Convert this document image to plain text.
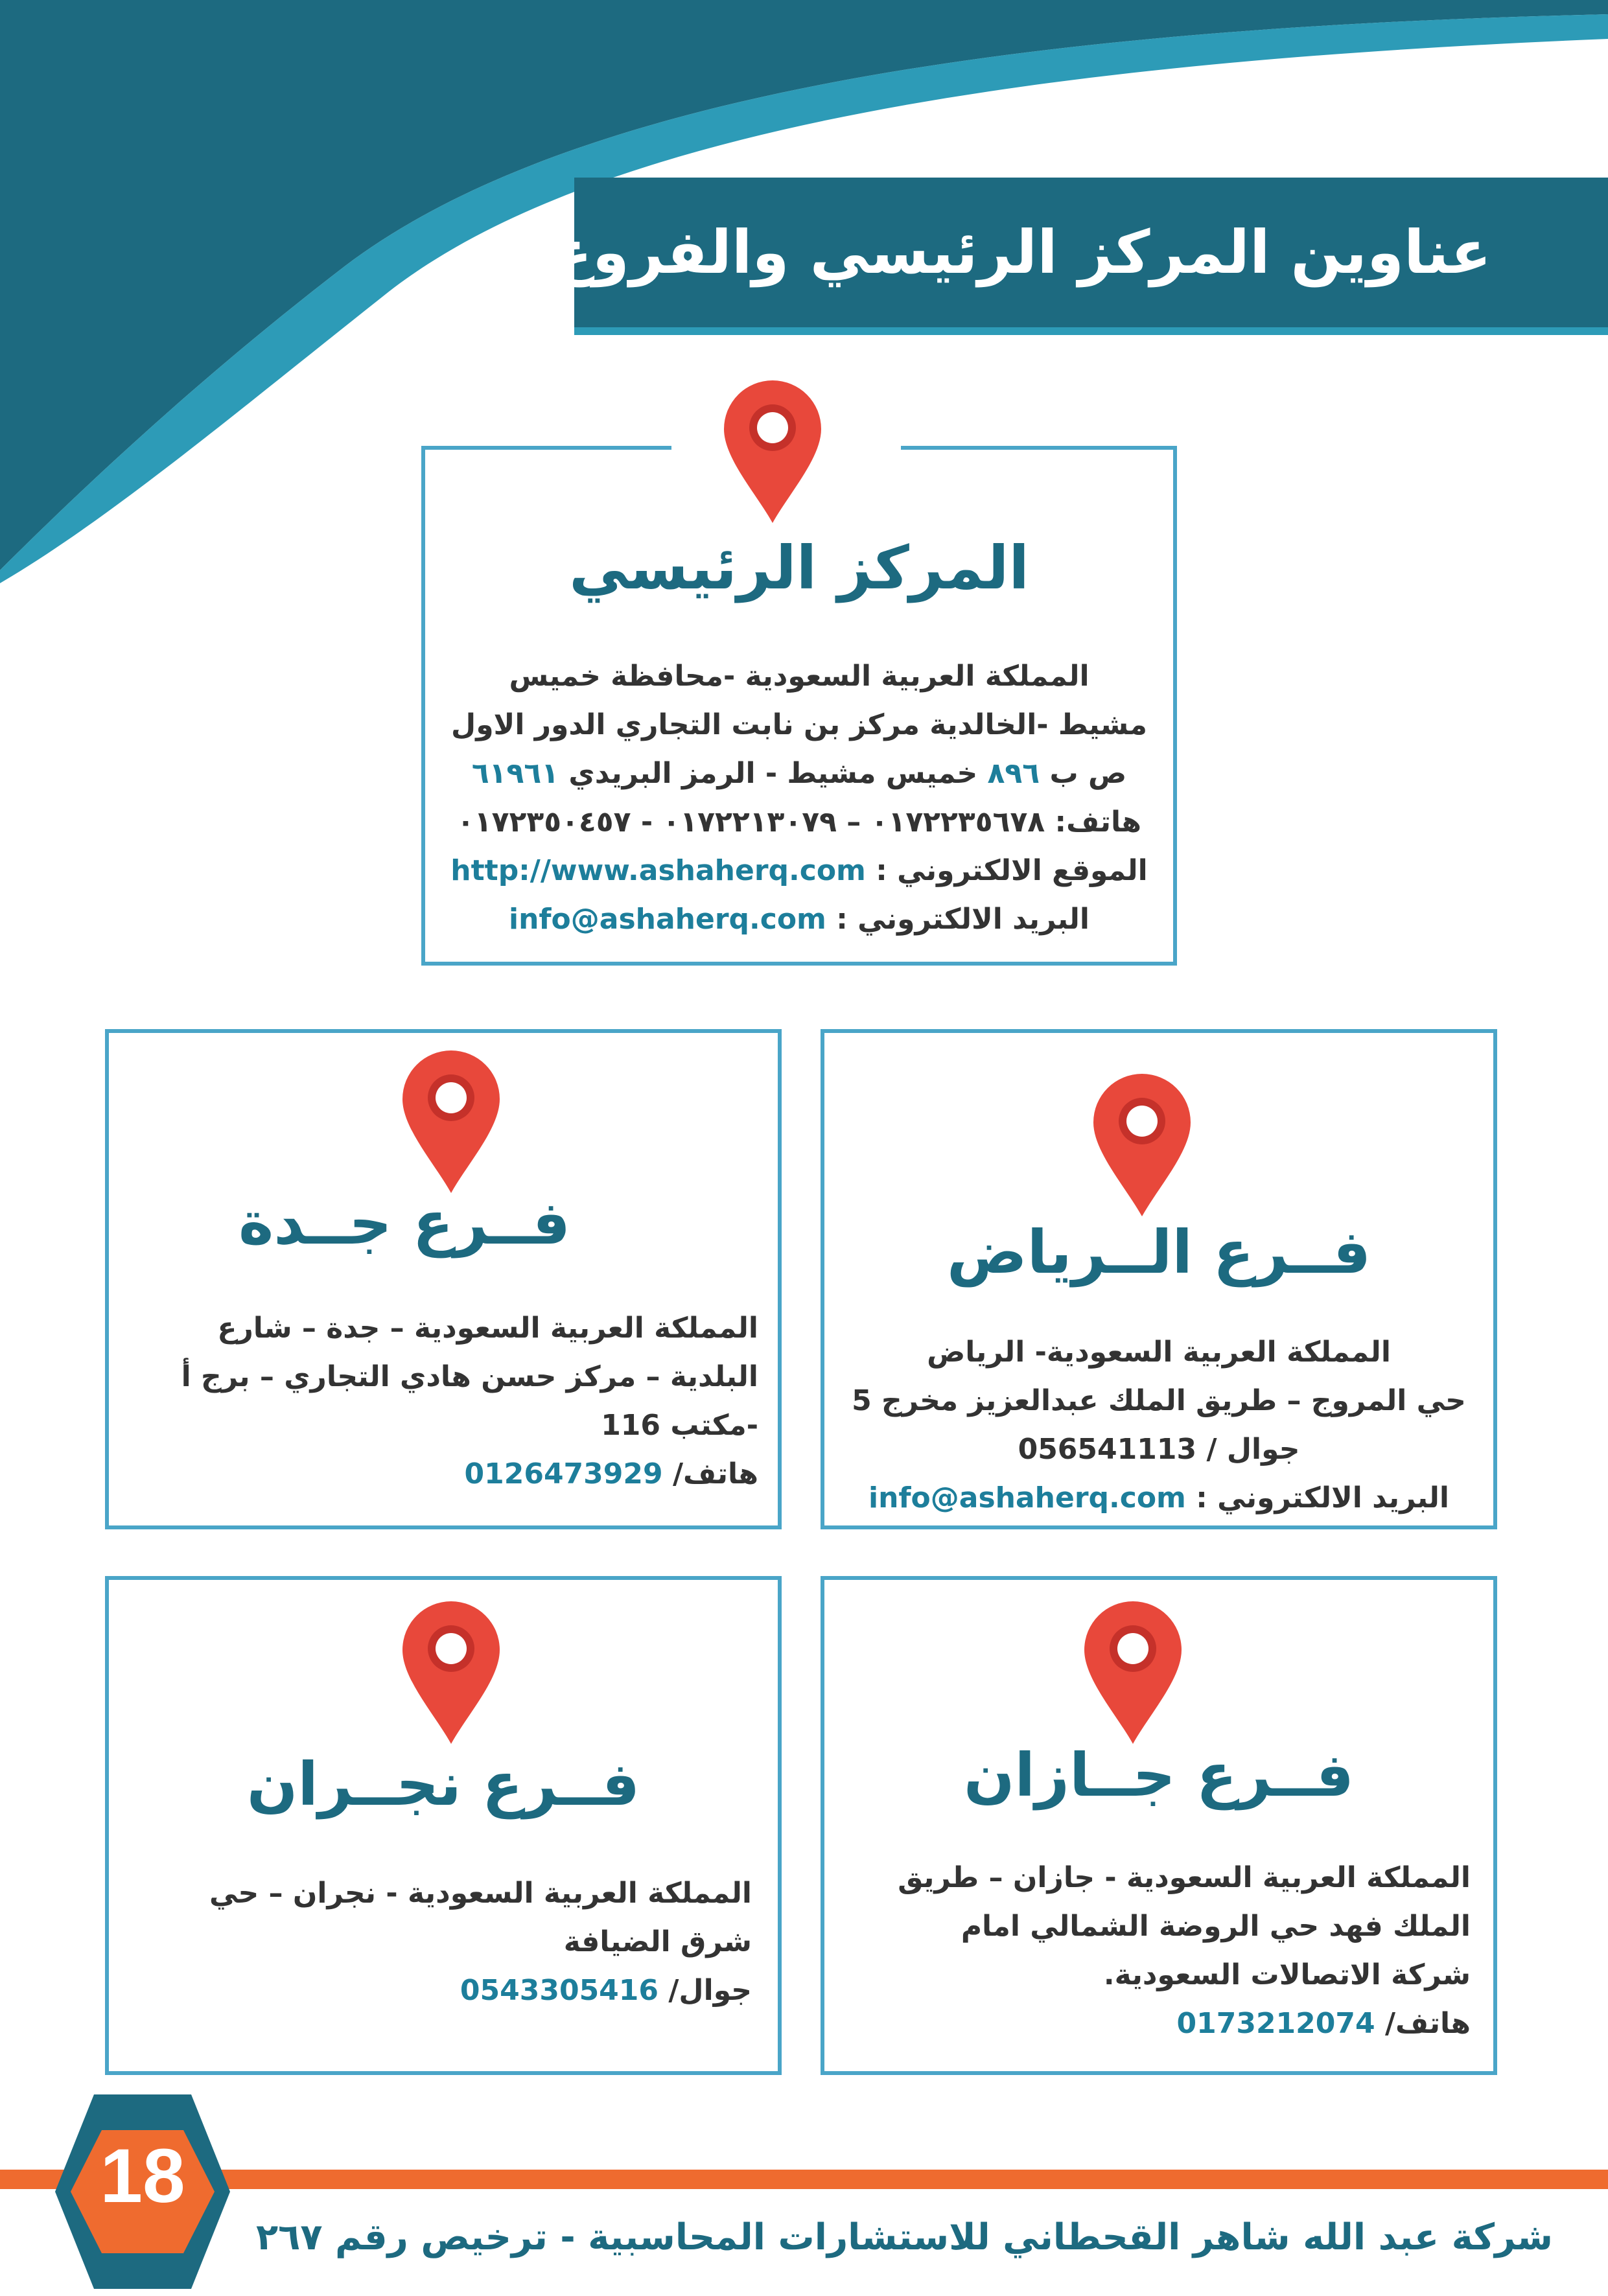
عناوين المركز الرئيسي والفروع
المركز الرئيسي
المملكة العربية السعودية -محافظة خميس
مشيط -الخالدية مركز بن نابت التجاري الدور الاول
ص ب ٨٩٦ خميس مشيط - الرمز البريدي ٦١٩٦١
هاتف: ٠١٧٢٢٣٥٦٧٨ – ٠١٧٢٢١٣٠٧٩ - ٠١٧٢٣٥٠٤٥٧
الموقع الالكتروني : http://www.ashaherq.com
البريد الالكتروني : info@ashaherq.com
فــرع الــرياض
المملكة العربية السعودية- الرياض
حي المروج – طريق الملك عبدالعزيز مخرج 5
جوال / 056541113
البريد الالكتروني : info@ashaherq.com
فــرع جــدة
المملكة العربية السعودية – جدة – شارع
البلدية – مركز حسن هادي التجاري – برج أ
-مكتب 116
هاتف/ 0126473929
فــرع جــازان
المملكة العربية السعودية - جازان – طريق
الملك فهد حي الروضة الشمالي امام
شركة الاتصالات السعودية.
هاتف/ 0173212074
فــرع نجــران
المملكة العربية السعودية - نجران – حي
شرق الضيافة
جوال/ 0543305416
18
شركة عبد الله شاهر القحطاني للاستشارات المحاسبية - ترخيص رقم ٢٦٧
